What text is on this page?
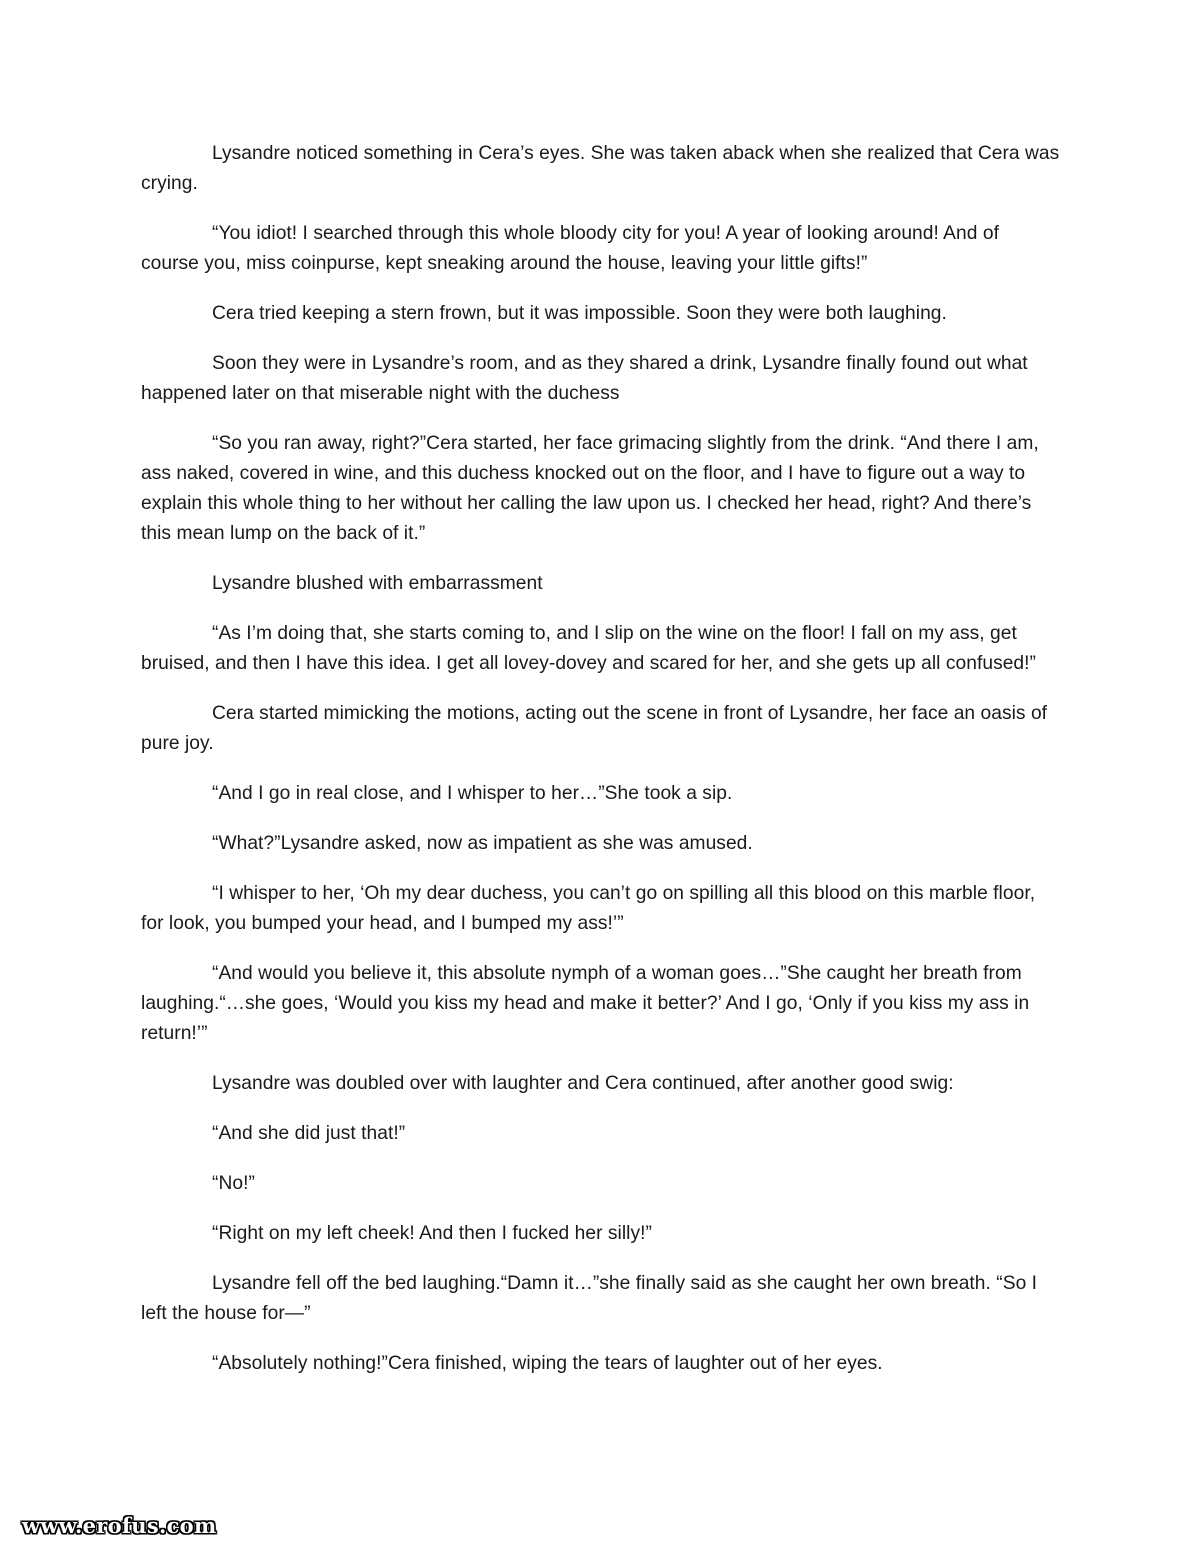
Lysandre noticed something in Cera’s eyes. She was taken aback when she realized that Cera was crying.

“You idiot! I searched through this whole bloody city for you! A year of looking around! And of course you, miss coinpurse, kept sneaking around the house, leaving your little gifts!”

Cera tried keeping a stern frown, but it was impossible. Soon they were both laughing.

Soon they were in Lysandre’s room, and as they shared a drink, Lysandre finally found out what happened later on that miserable night with the duchess

“So you ran away, right?”Cera started, her face grimacing slightly from the drink. “And there I am, ass naked, covered in wine, and this duchess knocked out on the floor, and I have to figure out a way to explain this whole thing to her without her calling the law upon us. I checked her head, right? And there’s this mean lump on the back of it.”

Lysandre blushed with embarrassment

“As I’m doing that, she starts coming to, and I slip on the wine on the floor! I fall on my ass, get bruised, and then I have this idea. I get all lovey-dovey and scared for her, and she gets up all confused!”

Cera started mimicking the motions, acting out the scene in front of Lysandre, her face an oasis of pure joy.

“And I go in real close, and I whisper to her…”She took a sip.

“What?”Lysandre asked, now as impatient as she was amused.

“I whisper to her, ‘Oh my dear duchess, you can’t go on spilling all this blood on this marble floor, for look, you bumped your head, and I bumped my ass!’”

“And would you believe it, this absolute nymph of a woman goes…”She caught her breath from laughing.“…she goes, ‘Would you kiss my head and make it better?’ And I go, ‘Only if you kiss my ass in return!’”

Lysandre was doubled over with laughter and Cera continued, after another good swig:

“And she did just that!”

“No!”

“Right on my left cheek! And then I fucked her silly!”

Lysandre fell off the bed laughing.“Damn it…”she finally said as she caught her own breath. “So I left the house for—”

“Absolutely nothing!”Cera finished, wiping the tears of laughter out of her eyes.

www.erofus.com
